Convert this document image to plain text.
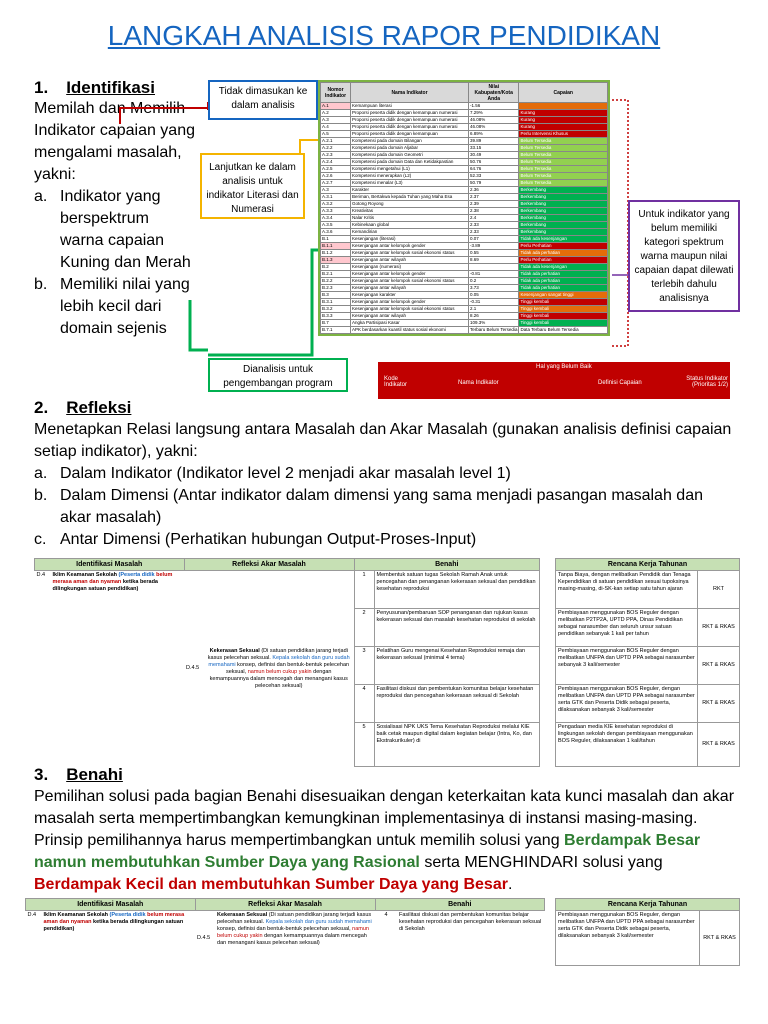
LANGKAH ANALISIS RAPOR PENDIDIKAN
1. Identifikasi
Memilah dan Memilih
Indikator capaian yang
mengalami masalah,
yakni:
a. Indikator yang
berspektrum
warna capaian
Kuning dan Merah
b. Memiliki nilai yang
lebih kecil dari
domain sejenis
Tidak dimasukan ke dalam analisis
Lanjutkan ke dalam analisis untuk indikator Literasi dan Numerasi
Dianalisis untuk pengembangan program
Untuk indikator yang belum memiliki kategori spektrum warna maupun nilai capaian dapat dilewati terlebih dahulu analisisnya
Nomor Indikator	Nama Indikator	Nilai Kabupaten/Kota Anda	Capaian
A.1	Kemampuan literasi	-1.56	
A.2	Proporsi peserta didik dengan kemampuan numerasi	7.29%	Kurang
A.3	Proporsi peserta didik dengan kemampuan numerasi	46.08%	Kurang
A.4	Proporsi peserta didik dengan kemampuan numerasi	46.08%	Kurang
A.5	Proporsi peserta didik dengan kemampuan	6.89%	Perlu Intervensi Khusus
A.2.1	Kompetensi pada domain Bilangan	39.89	Belum Tersedia
A.2.2	Kompetensi pada domain Aljabar	33.15	Belum Tersedia
A.2.3	Kompetensi pada domain Geometri	30.49	Belum Tersedia
A.2.4	Kompetensi pada domain Data dan Ketidakpastian	50.76	Belum Tersedia
A.2.5	Kompetensi mengetahui (L1)	64.76	Belum Tersedia
A.2.6	Kompetensi menerapkan (L2)	52.33	Belum Tersedia
A.2.7	Kompetensi menalar (L3)	50.79	Belum Tersedia
A.3	Karakter	2.36	Berkembang
A.3.1	Beriman, Bertakwa kepada Tuhan yang Maha Esa	2.37	Berkembang
A.3.2	Gotong Royong	2.39	Berkembang
A.3.3	Kreativitas	2.38	Berkembang
A.3.4	Nalar Kritis	2.4	Berkembang
A.3.5	Kebinekaan global	2.33	Berkembang
A.3.6	Kemandirian	2.33	Berkembang
B.1	Kesenjangan (literasi)	0.07	Tidak ada kesenjangan
B.1.1	Kesenjangan antar kelompok gender	-3.89	Perlu Perhatian
B.1.2	Kesenjangan antar kelompok sosial ekonomi status	0.55	Tidak ada perhatian
B.1.3	Kesenjangan antar wilayah	8.69	Perlu Perhatian
B.2	Kesenjangan (numerasi)		Tidak ada kesenjangan
B.2.1	Kesenjangan antar kelompok gender	-0.81	Tidak ada perhatian
B.2.2	Kesenjangan antar kelompok sosial ekonomi status	0.2	Tidak ada perhatian
B.2.3	Kesenjangan antar wilayah	3.73	Tidak ada perhatian
B.3	Kesenjangan karakter	0.05	Kesenjangan sangat tinggi
B.3.1	Kesenjangan antar kelompok gender	-0.31	Tinggi kembali
B.3.2	Kesenjangan antar kelompok sosial ekonomi status	2.1	Tinggi kembali
B.3.3	Kesenjangan antar wilayah	8.26	Tinggi kembali
B.7	Angka Partisipasi Kasar	109.3%	Tinggi kembali
B.7.1	APK berdasarkan kuantil status sosial ekonomi	Terbaru Belum Tersedia	Data Terbaru Belum Tersedia
Hal yang Belum Baik
Kode Indikator	Nama Indikator	Definisi Capaian
Status Indikator (Prioritas 1/2)
2. Refleksi
Menetapkan Relasi langsung antara Masalah dan Akar Masalah (gunakan analisis definisi capaian setiap indikator), yakni:
a. Dalam Indikator (Indikator level 2 menjadi akar masalah level 1)
b. Dalam Dimensi (Antar indikator dalam dimensi yang sama menjadi pasangan masalah dan akar masalah)
c. Antar Dimensi (Perhatikan hubungan Output-Proses-Input)
Identifikasi Masalah		Refleksi Akar Masalah		Benahi	
D.4	Iklim Keamanan Sekolah (Peserta didik belum merasa aman dan nyaman ketika berada dilingkungan satuan pendidikan)	D.4.5	Kekerasan Seksual (Di satuan pendidikan jarang terjadi kasus pelecehan seksual. Kepala sekolah dan guru sudah memahami konsep, definisi dan bentuk-bentuk pelecehan seksual, namun belum cukup yakin dengan kemampuannya dalam mencegah dan menangani kasus pelecehan seksual)	1	Membentuk satuan tugas Sekolah Ramah Anak untuk pencegahan dan penanganan kekerasan seksual dan pendidikan kesehatan reproduksi
				2	Penyusunan/pembaruan SOP penanganan dan rujukan kasus kekerasan seksual dan masalah kesehatan reproduksi di sekolah
				3	Pelatihan Guru mengenai Kesehatan Reproduksi remaja dan kekerasan seksual (minimal 4 tema)
				4	Fasilitasi diskusi dan pembentukan komunitas belajar kesehatan reproduksi dan pencegahan kekerasan seksual di Sekolah
				5	Sosialisasi NPK UKS Tema Kesehatan Reproduksi melalui KIE baik cetak maupun digital dalam kegiatan belajar (Intra, Ko, dan Ekstrakurikuler) di
Rencana Kerja Tahunan	
Tanpa Biaya, dengan melibatkan Pendidik dan Tenaga Kependidikan di satuan pendidikan sesuai tupoksinya masing-masing, di-SK-kan setiap satu tahun ajaran	RKT
Pembiayaan menggunakan BOS Reguler dengan melibatkan P2TP2A, UPTD PPA, Dinas Pendidikan sebagai narasumber dan seluruh unsur satuan pendidikan sebanyak 1 kali per tahun	RKT & RKAS
Pembiayaan menggunakan BOS Reguler dengan melibatkan UNFPA dan UPTD PPA sebagai narasumber sebanyak 3 kali/semester	RKT & RKAS
Pembiayaan menggunakan BOS Reguler, dengan melibatkan UNFPA dan UPTD PPA sebagai narasumber serta GTK dan Peserta Didik sebagai peserta, dilaksanakan sebanyak 3 kali/semester	RKT & RKAS
Pengadaan media KIE kesehatan reproduksi di lingkungan sekolah dengan pembiayaan menggunakan BOS Reguler, dilaksanakan 1 kali/tahun	RKT & RKAS
3. Benahi
Pemilihan solusi pada bagian Benahi disesuaikan dengan keterkaitan kata kunci masalah dan akar masalah serta mempertimbangkan kemungkinan implementasinya di instansi masing-masing. Prinsip pemilihannya harus mempertimbangkan untuk memilih solusi yang Berdampak Besar namun membutuhkan Sumber Daya yang Rasional serta MENGHINDARI solusi yang Berdampak Kecil dan membutuhkan Sumber Daya yang Besar.
Identifikasi Masalah		Refleksi Akar Masalah		Benahi	
D.4	Iklim Keamanan Sekolah (Peserta didik belum merasa aman dan nyaman ketika berada dilingkungan satuan pendidikan)	D.4.5	Kekerasan Seksual (Di satuan pendidikan jarang terjadi kasus pelecehan seksual. Kepala sekolah dan guru sudah memahami konsep, definisi dan bentuk-bentuk pelecehan seksual, namun belum cukup yakin dengan kemampuannya dalam mencegah dan menangani kasus pelecehan seksual)	4	Fasilitasi diskusi dan pembentukan komunitas belajar kesehatan reproduksi dan pencegahan kekerasan seksual di Sekolah
Rencana Kerja Tahunan
Pembiayaan menggunakan BOS Reguler, dengan melibatkan UNFPA dan UPTD PPA sebagai narasumber serta GTK dan Peserta Didik sebagai peserta, dilaksanakan sebanyak 3 kali/semester	RKT & RKAS
